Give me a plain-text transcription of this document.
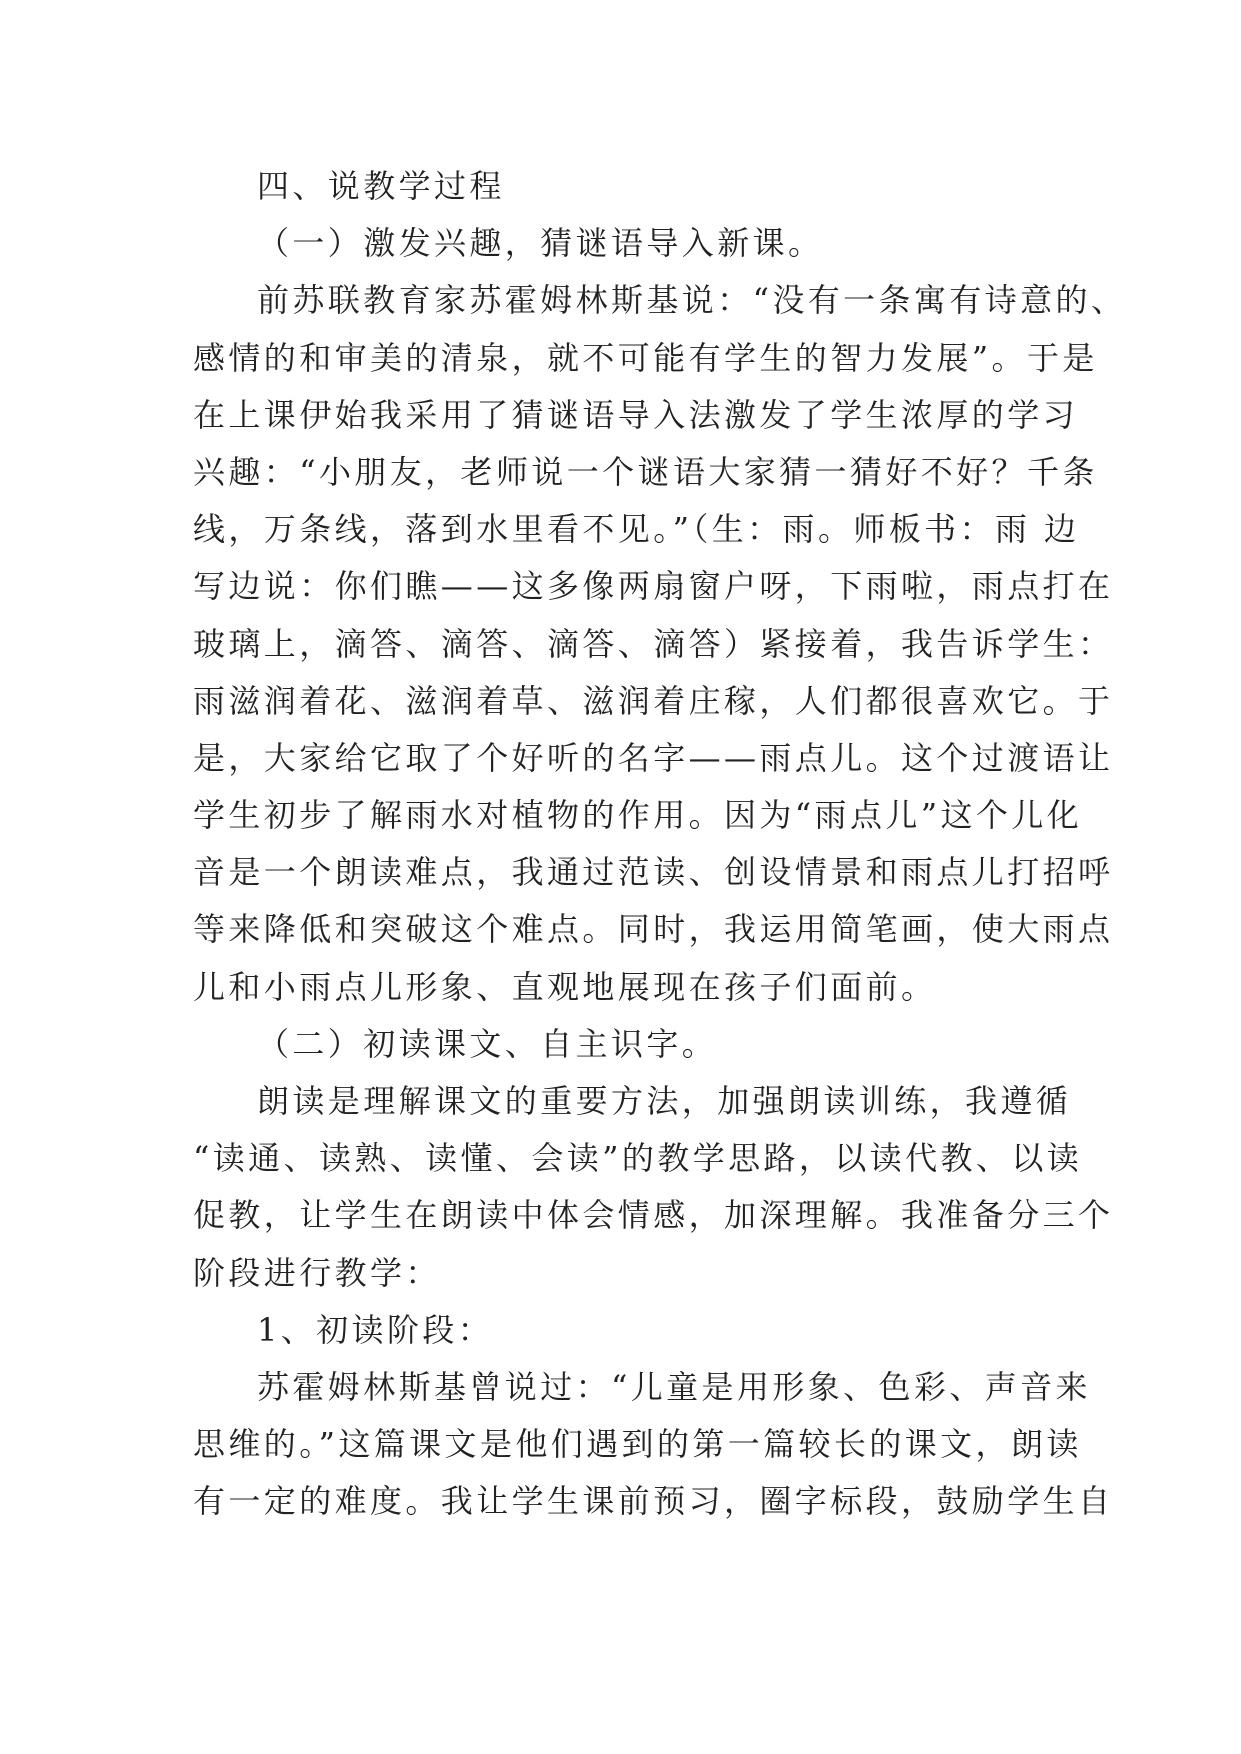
四、说教学过程
（一）激发兴趣，猜谜语导入新课。
前苏联教育家苏霍姆林斯基说：“没有一条寓有诗意的、
感情的和审美的清泉，就不可能有学生的智力发展”。于是
在上课伊始我采用了猜谜语导入法激发了学生浓厚的学习
兴趣：“小朋友，老师说一个谜语大家猜一猜好不好？千条
线，万条线，落到水里看不见。”（生：雨。师板书：雨 边
写边说：你们瞧——这多像两扇窗户呀，下雨啦，雨点打在
玻璃上，滴答、滴答、滴答、滴答）紧接着，我告诉学生：
雨滋润着花、滋润着草、滋润着庄稼，人们都很喜欢它。于
是，大家给它取了个好听的名字——雨点儿。这个过渡语让
学生初步了解雨水对植物的作用。因为“雨点儿”这个儿化
音是一个朗读难点，我通过范读、创设情景和雨点儿打招呼
等来降低和突破这个难点。同时，我运用简笔画，使大雨点
儿和小雨点儿形象、直观地展现在孩子们面前。
（二）初读课文、自主识字。
朗读是理解课文的重要方法，加强朗读训练，我遵循
“读通、读熟、读懂、会读”的教学思路，以读代教、以读
促教，让学生在朗读中体会情感，加深理解。我准备分三个
阶段进行教学：
1、初读阶段：
苏霍姆林斯基曾说过：“儿童是用形象、色彩、声音来
思维的。”这篇课文是他们遇到的第一篇较长的课文，朗读
有一定的难度。我让学生课前预习，圈字标段，鼓励学生自
